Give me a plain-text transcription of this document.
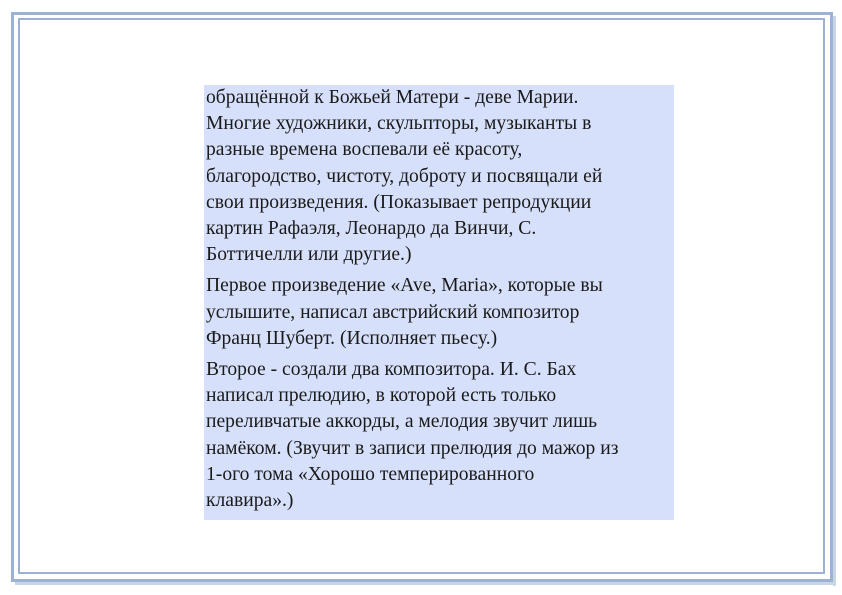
обращённой к Божьей Матери - деве Марии.
Многие художники, скульпторы, музыканты в
разные времена воспевали её красоту,
благородство, чистоту, доброту и посвящали ей
свои произведения. (Показывает репродукции
картин Рафаэля, Леонардо да Винчи, С.
Боттичелли или другие.)
Первое произведение «Ave, Maria», которые вы
услышите, написал австрийский композитор
Франц Шуберт. (Исполняет пьесу.)
Второе - создали два композитора. И. С. Бах
написал прелюдию, в которой есть только
переливчатые аккорды, а мелодия звучит лишь
намёком. (Звучит в записи прелюдия до мажор из
1-ого тома «Хорошо темперированного
клавира».)
